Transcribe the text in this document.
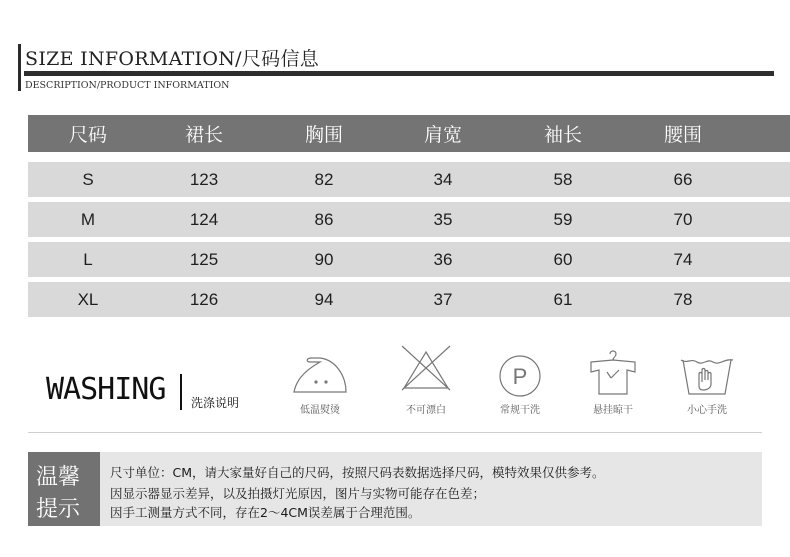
SIZE INFORMATION/尺码信息
DESCRIPTION/PRODUCT INFORMATION
尺码	裙长	胸围	肩宽	袖长	腰围
S	123	82	34	58	66
M	124	86	35	59	70
L	125	90	36	60	74
XL	126	94	37	61	78
WASHING 洗涤说明
低温熨烫	不可漂白
P
常规干洗	悬挂晾干	小心手洗
温馨
提示
尺寸单位：CM，请大家量好自己的尺码，按照尺码表数据选择尺码，模特效果仅供参考。
因显示器显示差异，以及拍摄灯光原因，图片与实物可能存在色差；
因手工测量方式不同，存在2～4CM误差属于合理范围。
